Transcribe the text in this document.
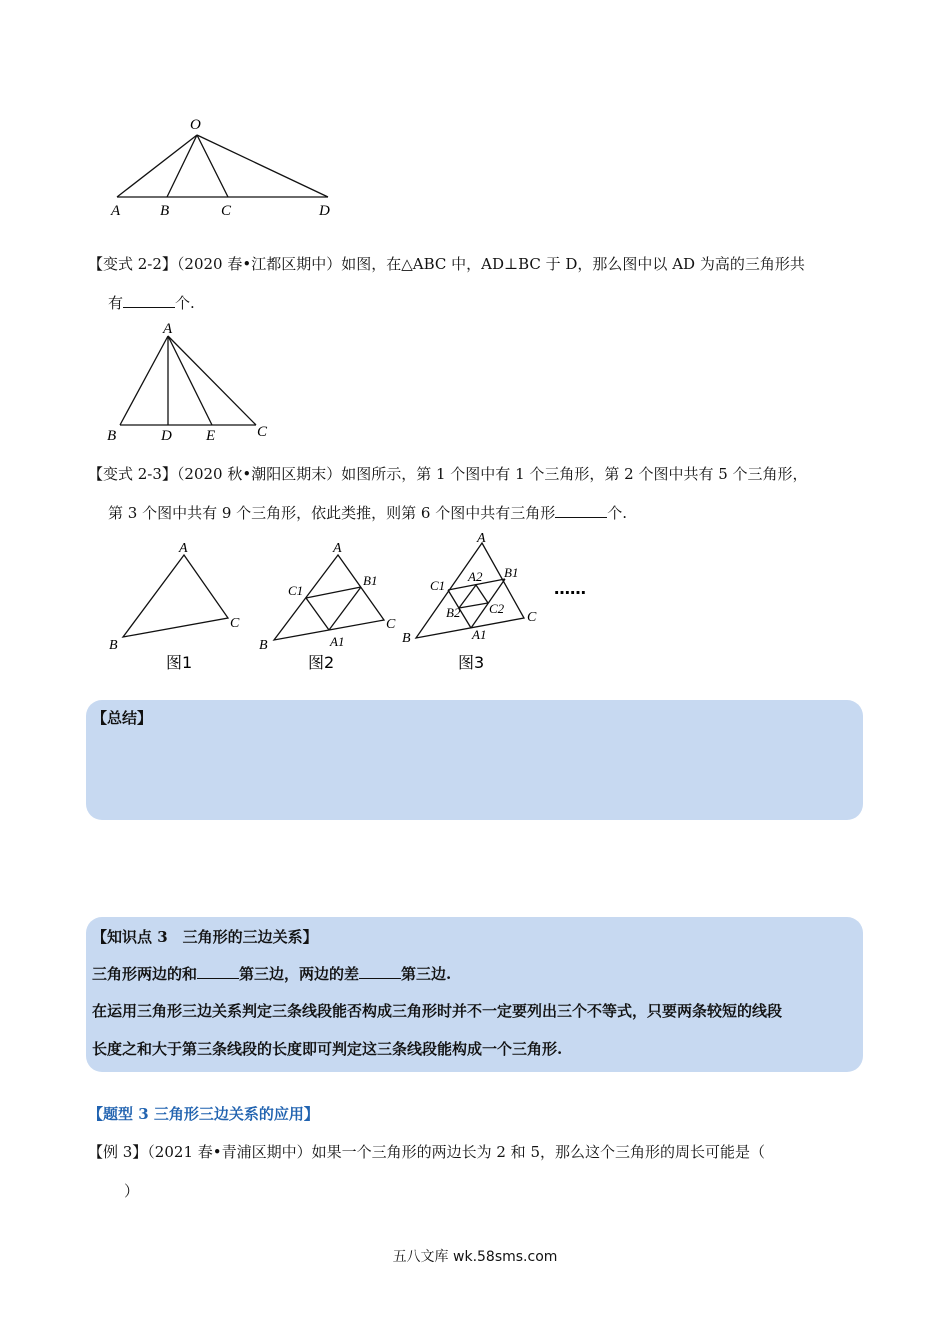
O
A	B	C	D
【变式 2-2】（2020 春•江都区期中）如图，在△ABC 中，AD⊥BC 于 D，那么图中以 AD 为高的三角形共
有	个.
A
B	D E	C
【变式 2-3】（2020 秋•潮阳区期末）如图所示，第 1 个图中有 1 个三角形，第 2 个图中共有 5 个三角形，
第 3 个图中共有 9 个三角形，依此类推，则第 6 个图中共有三角形	个.
A
B
C
图1
A
C1
B1
B	A1
C
图2
A
C1
A2 B1
B2 C2
B	A1
C
图3
……
【总结】
【知识点 3　三角形的三边关系】
三角形两边的和	第三边，两边的差	第三边.
在运用三角形三边关系判定三条线段能否构成三角形时并不一定要列出三个不等式，只要两条较短的线段
长度之和大于第三条线段的长度即可判定这三条线段能构成一个三角形.
【题型 3 三角形三边关系的应用】
【例 3】（2021 春•青浦区期中）如果一个三角形的两边长为 2 和 5，那么这个三角形的周长可能是（
）
五八文库 wk.58sms.com
